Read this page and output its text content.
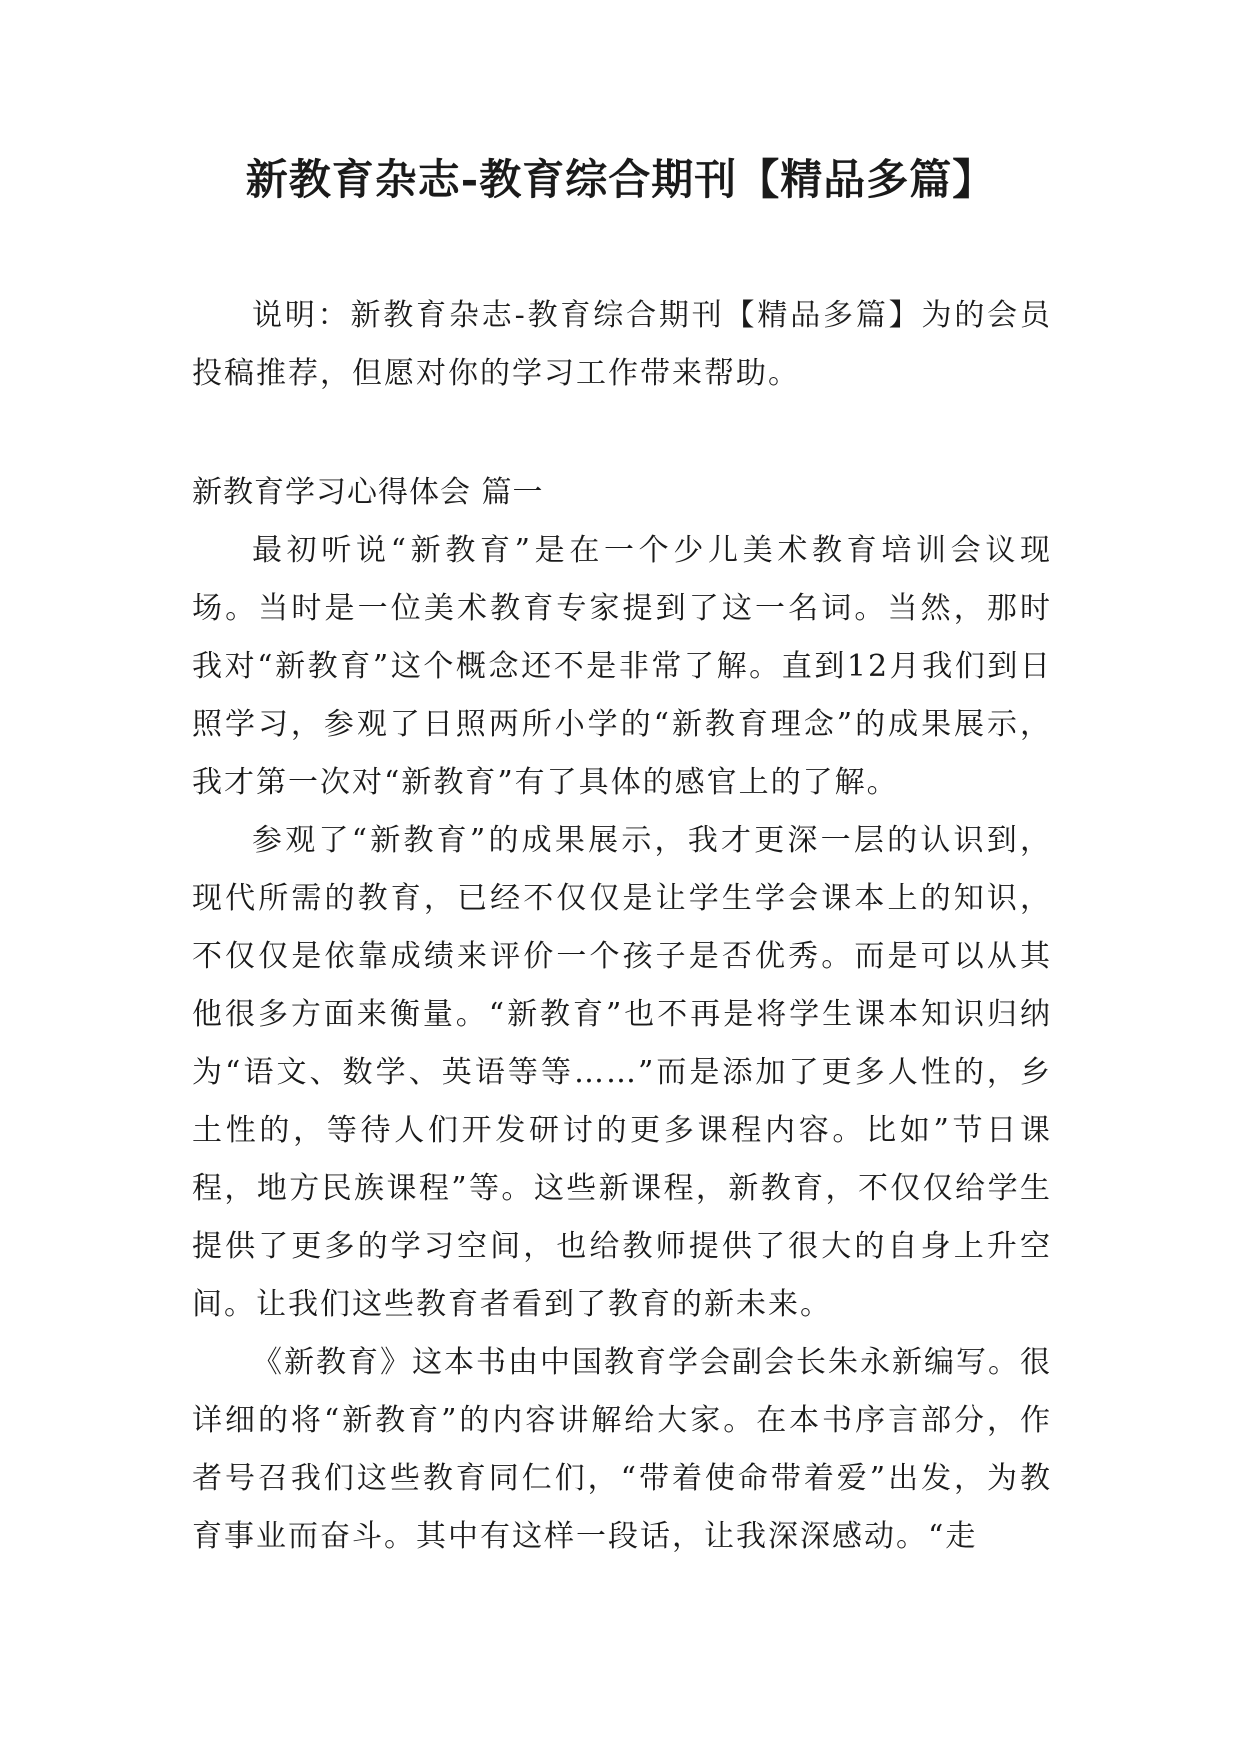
新教育杂志-教育综合期刊【精品多篇】

说明：新教育杂志-教育综合期刊【精品多篇】为的会员投稿推荐，但愿对你的学习工作带来帮助。

新教育学习心得体会 篇一

最初听说“新教育”是在一个少儿美术教育培训会议现场。当时是一位美术教育专家提到了这一名词。当然，那时我对“新教育”这个概念还不是非常了解。直到12月我们到日照学习，参观了日照两所小学的“新教育理念”的成果展示，我才第一次对“新教育”有了具体的感官上的了解。

参观了“新教育”的成果展示，我才更深一层的认识到，现代所需的教育，已经不仅仅是让学生学会课本上的知识，不仅仅是依靠成绩来评价一个孩子是否优秀。而是可以从其他很多方面来衡量。“新教育”也不再是将学生课本知识归纳为“语文、数学、英语等等……”而是添加了更多人性的，乡土性的，等待人们开发研讨的更多课程内容。比如”节日课程，地方民族课程”等。这些新课程，新教育，不仅仅给学生提供了更多的学习空间，也给教师提供了很大的自身上升空间。让我们这些教育者看到了教育的新未来。

《新教育》这本书由中国教育学会副会长朱永新编写。很详细的将“新教育”的内容讲解给大家。在本书序言部分，作者号召我们这些教育同仁们，“带着使命带着爱”出发，为教育事业而奋斗。其中有这样一段话，让我深深感动。“走
